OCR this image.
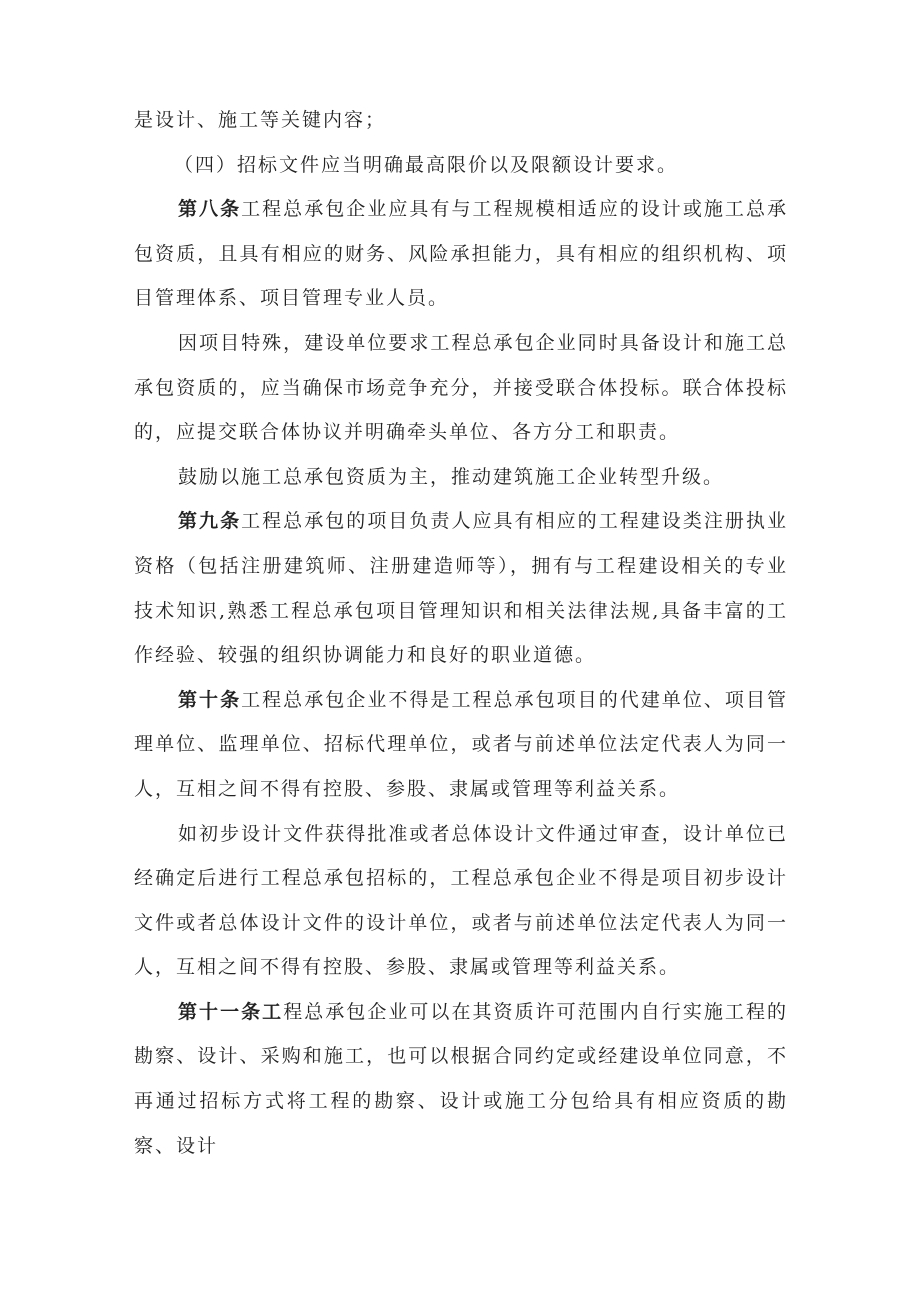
是设计、施工等关键内容；

（四）招标文件应当明确最高限价以及限额设计要求。

第八条工程总承包企业应具有与工程规模相适应的设计或施工总承包资质，且具有相应的财务、风险承担能力，具有相应的组织机构、项目管理体系、项目管理专业人员。

因项目特殊，建设单位要求工程总承包企业同时具备设计和施工总承包资质的，应当确保市场竞争充分，并接受联合体投标。联合体投标的，应提交联合体协议并明确牵头单位、各方分工和职责。

鼓励以施工总承包资质为主，推动建筑施工企业转型升级。

第九条工程总承包的项目负责人应具有相应的工程建设类注册执业资格（包括注册建筑师、注册建造师等），拥有与工程建设相关的专业技术知识,熟悉工程总承包项目管理知识和相关法律法规,具备丰富的工作经验、较强的组织协调能力和良好的职业道德。

第十条工程总承包企业不得是工程总承包项目的代建单位、项目管理单位、监理单位、招标代理单位，或者与前述单位法定代表人为同一人，互相之间不得有控股、参股、隶属或管理等利益关系。

如初步设计文件获得批准或者总体设计文件通过审查，设计单位已经确定后进行工程总承包招标的，工程总承包企业不得是项目初步设计文件或者总体设计文件的设计单位，或者与前述单位法定代表人为同一人，互相之间不得有控股、参股、隶属或管理等利益关系。

第十一条工程总承包企业可以在其资质许可范围内自行实施工程的勘察、设计、采购和施工，也可以根据合同约定或经建设单位同意，不再通过招标方式将工程的勘察、设计或施工分包给具有相应资质的勘察、设计
